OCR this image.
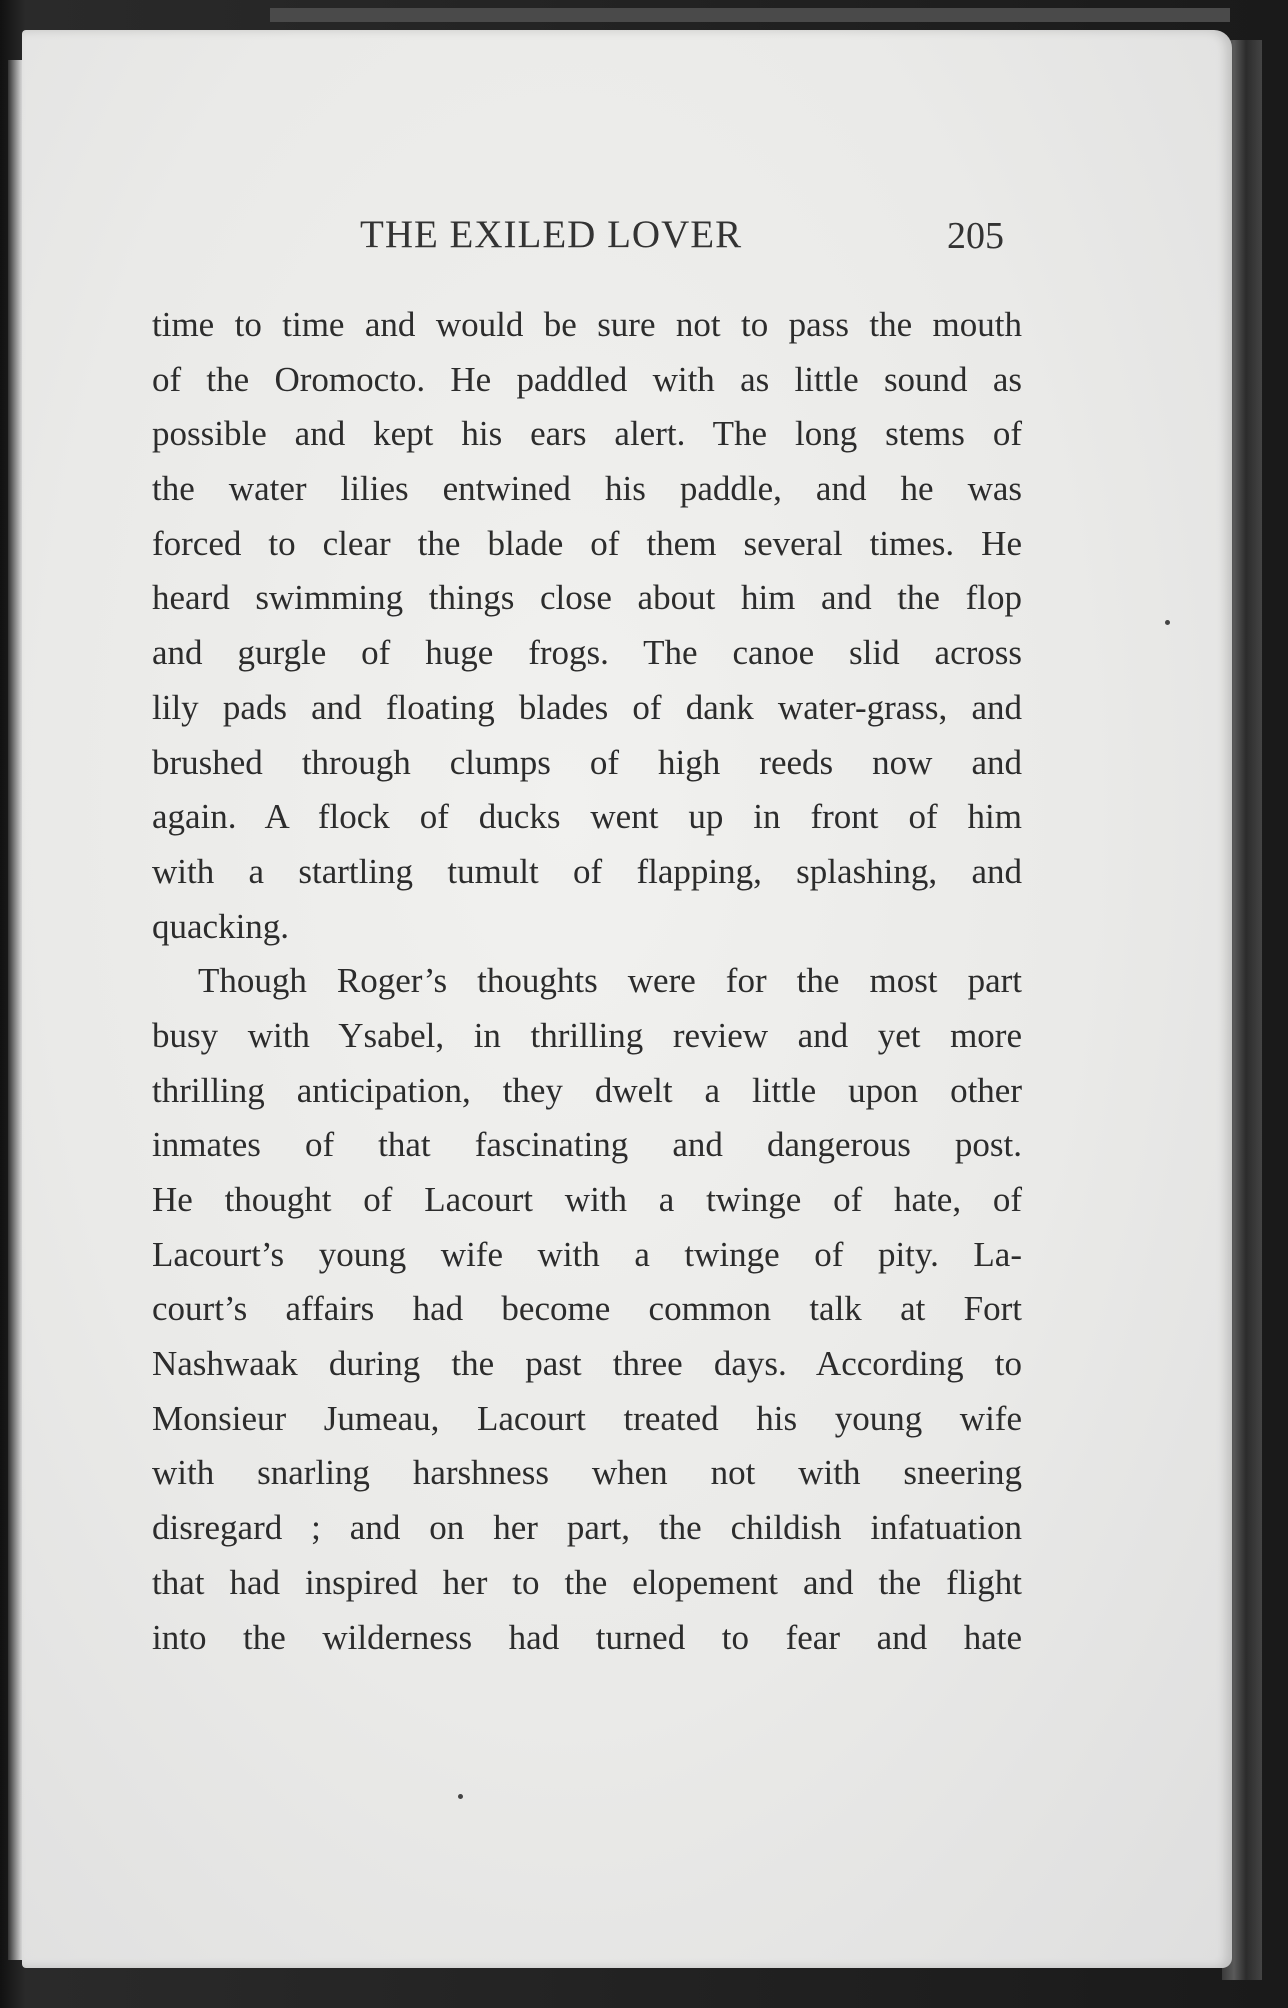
THE EXILED LOVER	205
time to time and would be sure not to pass the mouth
of the Oromocto. He paddled with as little sound as
possible and kept his ears alert. The long stems of
the water lilies entwined his paddle, and he was
forced to clear the blade of them several times. He
heard swimming things close about him and the flop
and gurgle of huge frogs. The canoe slid across
lily pads and floating blades of dank water-grass, and
brushed through clumps of high reeds now and
again. A flock of ducks went up in front of him
with a startling tumult of flapping, splashing, and
quacking.
Though Roger’s thoughts were for the most part
busy with Ysabel, in thrilling review and yet more
thrilling anticipation, they dwelt a little upon other
inmates of that fascinating and dangerous post.
He thought of Lacourt with a twinge of hate, of
Lacourt’s young wife with a twinge of pity. La-
court’s affairs had become common talk at Fort
Nashwaak during the past three days. According to
Monsieur Jumeau, Lacourt treated his young wife
with snarling harshness when not with sneering
disregard ; and on her part, the childish infatuation
that had inspired her to the elopement and the flight
into the wilderness had turned to fear and hate
